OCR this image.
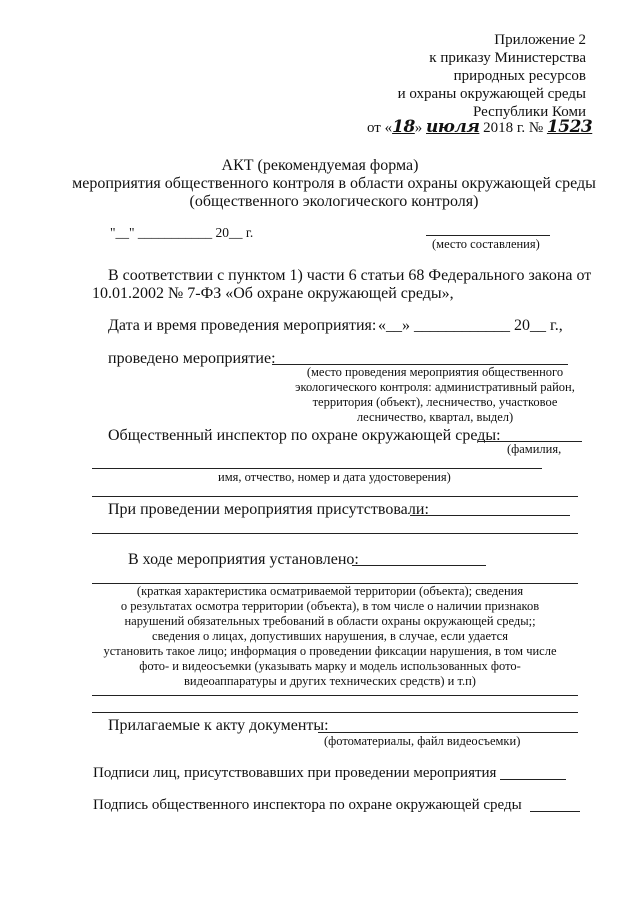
Приложение 2
к приказу Министерства
природных ресурсов
и охраны окружающей среды
Республики Коми
от «18» июля 2018 г. № 1523
АКТ (рекомендуемая форма)
мероприятия общественного контроля в области охраны окружающей среды
(общественного экологического контроля)
"__" ___________ 20__ г.
(место составления)
В соответствии с пунктом 1) части 6 статьи 68 Федерального закона от
10.01.2002 № 7-ФЗ «Об охране окружающей среды»,
Дата и время проведения мероприятия: «__» ____________ 20__ г.,
проведено мероприятие:
(место проведения мероприятия общественного
экологического контроля: административный район,
территория (объект), лесничество, участковое
лесничество, квартал, выдел)
Общественный инспектор по охране окружающей среды:
(фамилия,
имя, отчество, номер и дата удостоверения)
При проведении мероприятия присутствовали:
В ходе мероприятия установлено:
(краткая характеристика осматриваемой территории (объекта); сведения
о результатах осмотра территории (объекта), в том числе о наличии признаков
нарушений обязательных требований в области охраны окружающей среды;;
сведения о лицах, допустивших нарушения, в случае, если удается
установить такое лицо; информация о проведении фиксации нарушения, в том числе
фото- и видеосъемки (указывать марку и модель использованных фото-
видеоаппаратуры и других технических средств) и т.п)
Прилагаемые к акту документы:
(фотоматериалы, файл видеосъемки)
Подписи лиц, присутствовавших при проведении мероприятия
Подпись общественного инспектора по охране окружающей среды
